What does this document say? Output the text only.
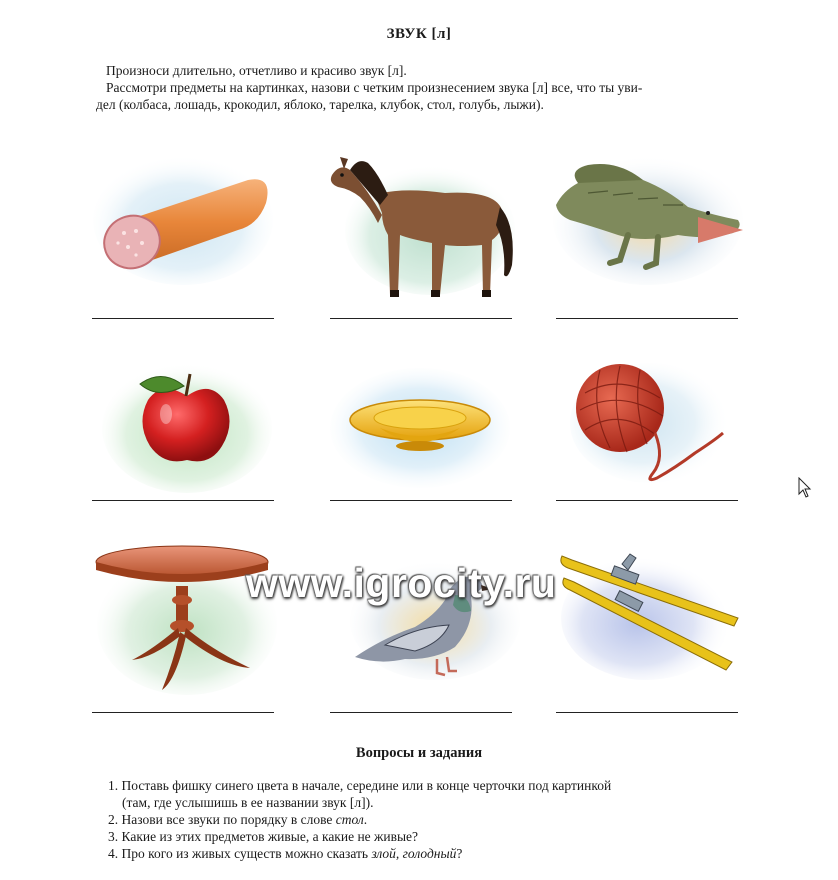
ЗВУК [л]

Произноси длительно, отчетливо и красиво звук [л].

Рассмотри предметы на картинках, назови с четким произнесением звука [л] все, что ты уви-

дел (колбаса, лошадь, крокодил, яблоко, тарелка, клубок, стол, голубь, лыжи).

www.igrocity.ru
Вопросы и задания
1. Поставь фишку синего цвета в начале, середине или в конце черточки под картинкой
(там, где услышишь в ее названии звук [л]).
2. Назови все звуки по порядку в слове стол.
3. Какие из этих предметов живые, а какие не живые?
4. Про кого из живых существ можно сказать злой, голодный?
